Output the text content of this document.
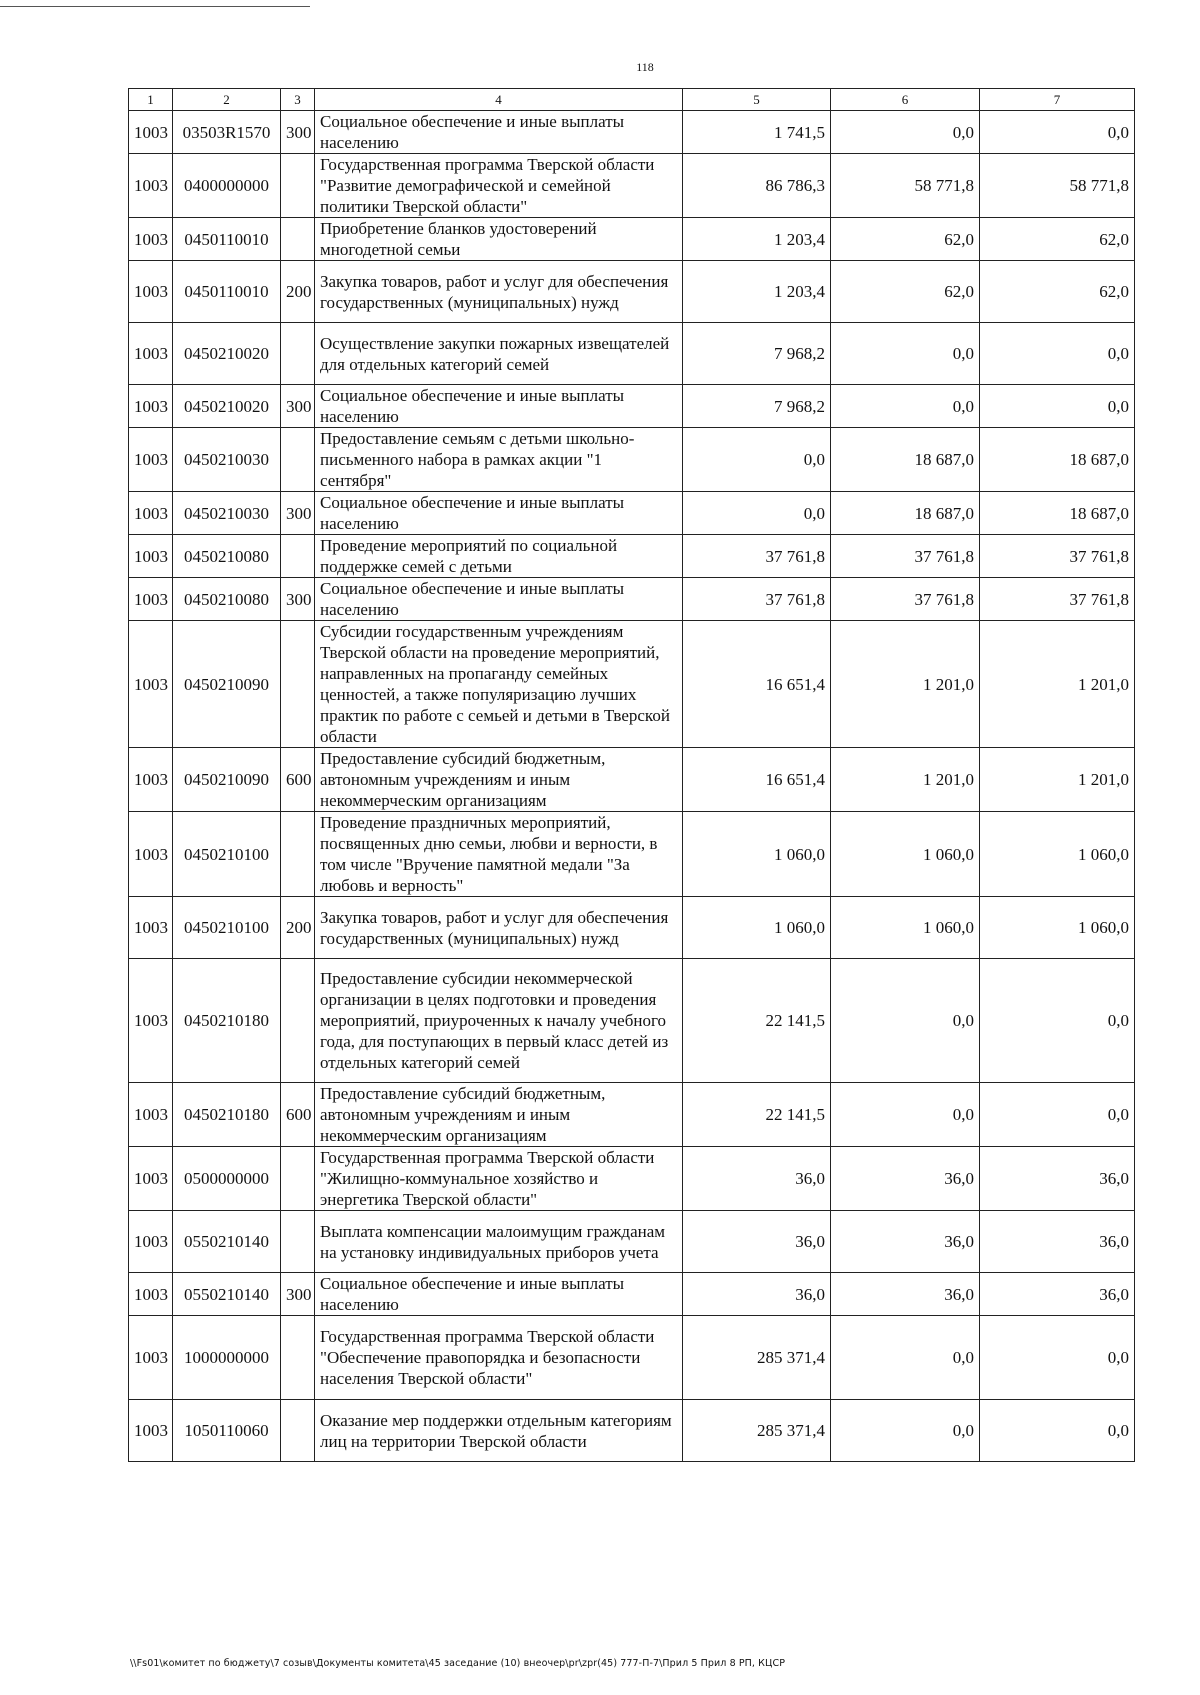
118
1	2	3	4	5	6	7
1003	03503R1570	300	Социальное обеспечение и иные выплаты населению	1 741,5	0,0	0,0
1003	0400000000		Государственная программа Тверской области "Развитие демографической и семейной политики Тверской области"	86 786,3	58 771,8	58 771,8
1003	0450110010		Приобретение бланков удостоверений многодетной семьи	1 203,4	62,0	62,0
1003	0450110010	200	Закупка товаров, работ и услуг для обеспечения государственных (муниципальных) нужд	1 203,4	62,0	62,0
1003	0450210020		Осуществление закупки пожарных извещателей для отдельных категорий семей	7 968,2	0,0	0,0
1003	0450210020	300	Социальное обеспечение и иные выплаты населению	7 968,2	0,0	0,0
1003	0450210030		Предоставление семьям с детьми школьно-письменного набора в рамках акции "1 сентября"	0,0	18 687,0	18 687,0
1003	0450210030	300	Социальное обеспечение и иные выплаты населению	0,0	18 687,0	18 687,0
1003	0450210080		Проведение мероприятий по социальной поддержке семей с детьми	37 761,8	37 761,8	37 761,8
1003	0450210080	300	Социальное обеспечение и иные выплаты населению	37 761,8	37 761,8	37 761,8
1003	0450210090		Субсидии государственным учреждениям Тверской области на проведение мероприятий, направленных на пропаганду семейных ценностей, а также популяризацию лучших практик по работе с семьей и детьми в Тверской области	16 651,4	1 201,0	1 201,0
1003	0450210090	600	Предоставление субсидий бюджетным, автономным учреждениям и иным некоммерческим организациям	16 651,4	1 201,0	1 201,0
1003	0450210100		Проведение праздничных мероприятий, посвященных дню семьи, любви и верности, в том числе "Вручение памятной медали "За любовь и верность"	1 060,0	1 060,0	1 060,0
1003	0450210100	200	Закупка товаров, работ и услуг для обеспечения государственных (муниципальных) нужд	1 060,0	1 060,0	1 060,0
1003	0450210180		Предоставление субсидии некоммерческой организации в целях подготовки и проведения мероприятий, приуроченных к началу учебного года, для поступающих в первый класс детей из отдельных категорий семей	22 141,5	0,0	0,0
1003	0450210180	600	Предоставление субсидий бюджетным, автономным учреждениям и иным некоммерческим организациям	22 141,5	0,0	0,0
1003	0500000000		Государственная программа Тверской области "Жилищно-коммунальное хозяйство и энергетика Тверской области"	36,0	36,0	36,0
1003	0550210140		Выплата компенсации малоимущим гражданам на установку индивидуальных приборов учета	36,0	36,0	36,0
1003	0550210140	300	Социальное обеспечение и иные выплаты населению	36,0	36,0	36,0
1003	1000000000		Государственная программа Тверской области "Обеспечение правопорядка и безопасности населения Тверской области"	285 371,4	0,0	0,0
1003	1050110060		Оказание мер поддержки отдельным категориям лиц на территории Тверской области	285 371,4	0,0	0,0
\\Fs01\комитет по бюджету\7 созыв\Документы комитета\45 заседание (10) внеочер\pr\zpr(45) 777-П-7\Прил 5 Прил 8 РП, КЦСР
